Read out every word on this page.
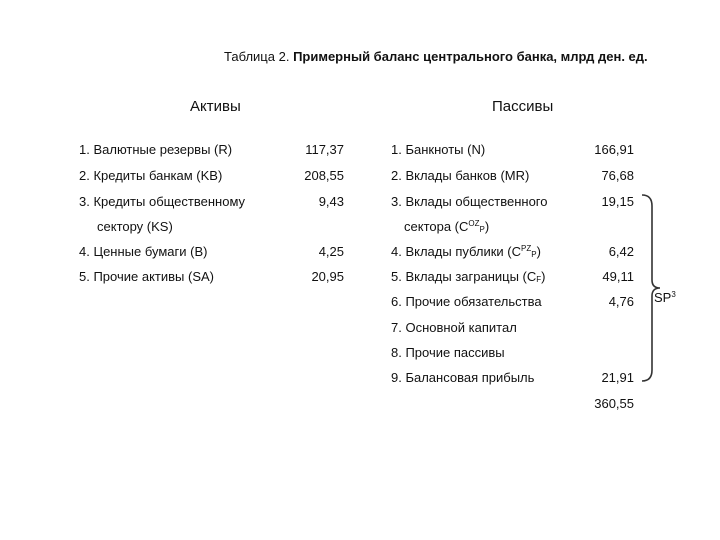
Таблица 2. Примерный баланс центрального банка, млрд ден. ед.
Активы	Пассивы
1. Валютные резервы (R)	117,37
2. Кредиты банкам (KB)	208,55
3. Кредиты общественному	9,43
сектору (KS)
4. Ценные бумаги (B)	4,25
5. Прочие активы (SA)	20,95
1. Банкноты (N)	166,91
2. Вклады банков (MR)	76,68
3. Вклады общественного	19,15
сектора $(C^{OZ}_P)$
4. Вклады публики $(C^{PZ}_P)$	6,42
5. Вклады заграницы $(C_F)$	49,11
6. Прочие обязательства	4,76
7. Основной капитал
8. Прочие пассивы
9. Балансовая прибыль	21,91
360,55
$SP^3$
